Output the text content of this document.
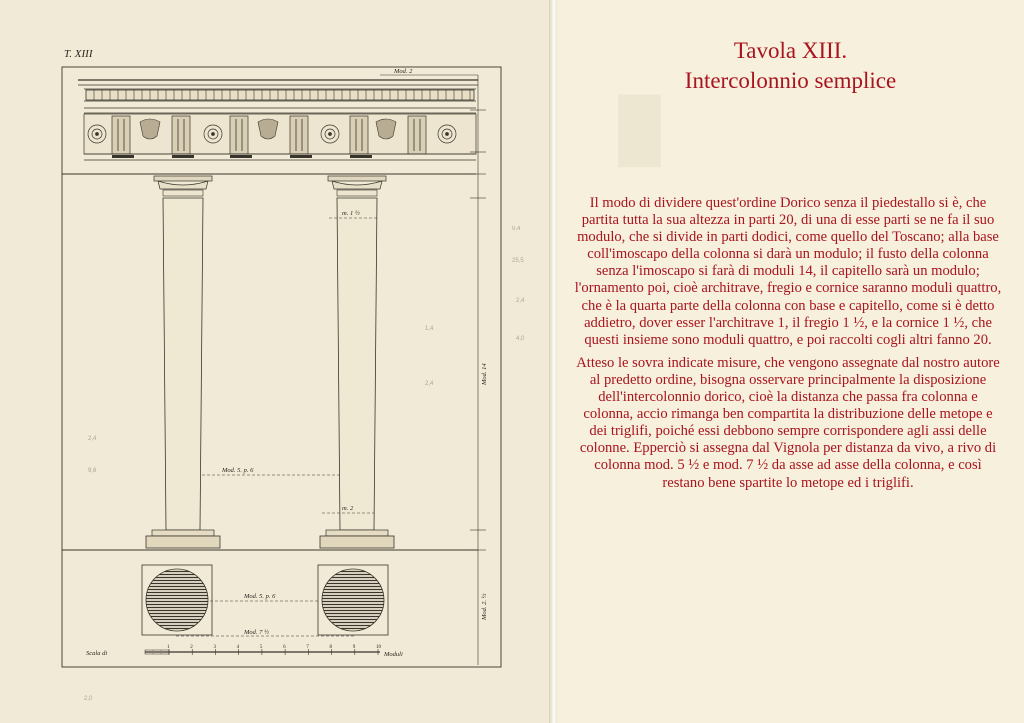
T. XIII
Mod. 2
Mod. 5. p. 6
m. 2
m. 1 ½
Mod. 5. p. 6
Mod. 7 ½
Mod. 14
Mod. 2. ½
Scala di
1	2	3	4	5	6	7	8	9	10
Moduli
0,4
25,5
2,4
4,0
1,4
2,4
2,4
9,6
2,0
▐▌
Tavola XIII.
Intercolonnio semplice

Il modo di dividere quest'ordine Dorico senza il piedestallo si è, che partita tutta la sua altezza in parti 20, di una di esse parti se ne fa il suo modulo, che si divide in parti dodici, come quello del Toscano; alla base coll'imoscapo della colonna si darà un modulo; il fusto della colonna senza l'imoscapo si farà di moduli 14, il capitello sarà un modulo; l'ornamento poi, cioè architrave, fregio e cornice saranno moduli quattro, che è la quarta parte della colonna con base e capitello, come si è detto addietro, dover esser l'architrave 1, il fregio 1 ½, e la cornice 1 ½, che questi insieme sono moduli quattro, e poi raccolti cogli altri fanno 20.

Atteso le sovra indicate misure, che vengono assegnate dal nostro autore al predetto ordine, bisogna osservare principalmente la disposizione dell'intercolonnio dorico, cioè la distanza che passa fra colonna e colonna, accio rimanga ben compartita la distribuzione delle metope e dei triglifi, poiché essi debbono sempre corrispondere agli assi delle colonne. Epperciò si assegna dal Vignola per distanza da vivo, a rivo di colonna mod. 5 ½ e mod. 7 ½ da asse ad asse della colonna, e così restano bene spartite lo metope ed i triglifi.
